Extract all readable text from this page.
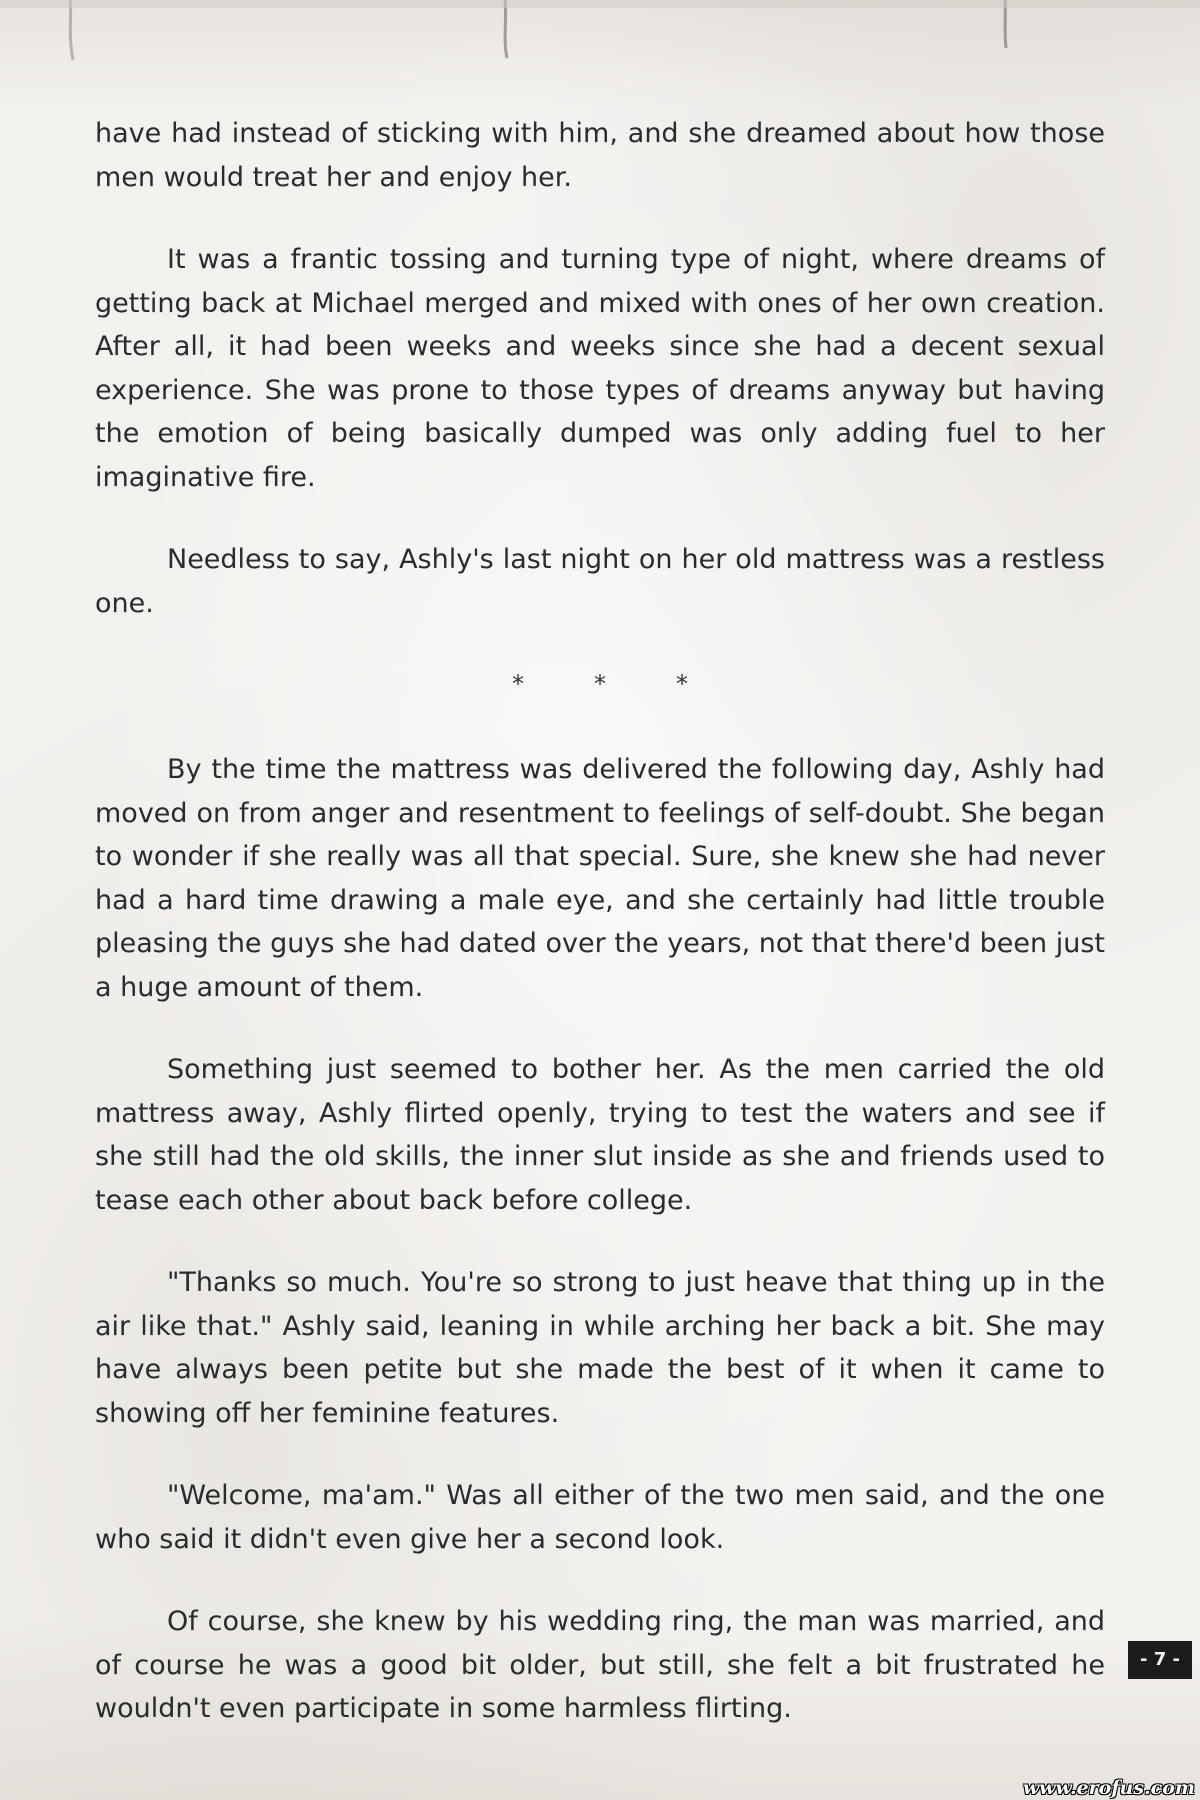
have had instead of sticking with him, and she dreamed about how those men would treat her and enjoy her.

It was a frantic tossing and turning type of night, where dreams of getting back at Michael merged and mixed with ones of her own creation. After all, it had been weeks and weeks since she had a decent sexual experience. She was prone to those types of dreams anyway but having the emotion of being basically dumped was only adding fuel to her imaginative fire.

Needless to say, Ashly's last night on her old mattress was a restless one.

*	*	*

By the time the mattress was delivered the following day, Ashly had moved on from anger and resentment to feelings of self-doubt. She began to wonder if she really was all that special. Sure, she knew she had never had a hard time drawing a male eye, and she certainly had little trouble pleasing the guys she had dated over the years, not that there'd been just a huge amount of them.

Something just seemed to bother her. As the men carried the old mattress away, Ashly flirted openly, trying to test the waters and see if she still had the old skills, the inner slut inside as she and friends used to tease each other about back before college.

"Thanks so much. You're so strong to just heave that thing up in the air like that." Ashly said, leaning in while arching her back a bit. She may have always been petite but she made the best of it when it came to showing off her feminine features.

"Welcome, ma'am." Was all either of the two men said, and the one who said it didn't even give her a second look.

Of course, she knew by his wedding ring, the man was married, and of course he was a good bit older, but still, she felt a bit frustrated he wouldn't even participate in some harmless flirting.

- 7 -
www.erofus.com
